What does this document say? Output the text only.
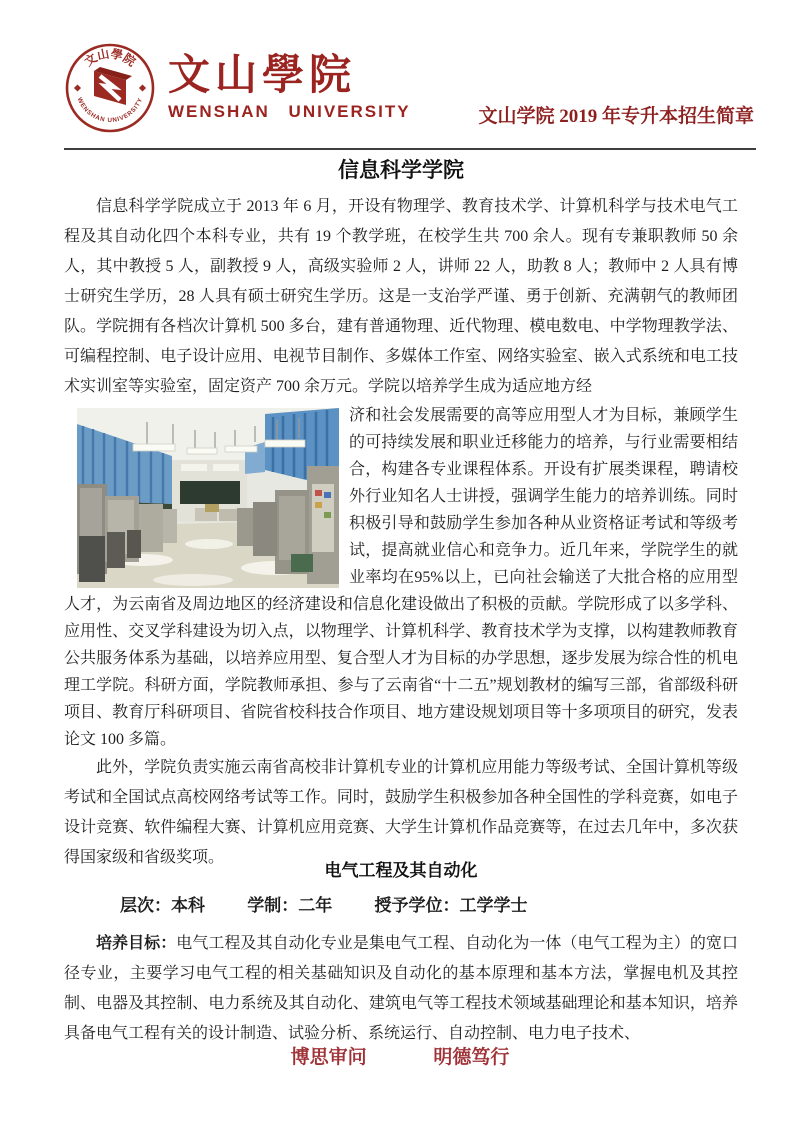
文山學院
WENSHAN UNIVERSITY
文山學院
WENSHAN UNIVERSITY	文山学院 2019 年专升本招生简章
信息科学学院

信息科学学院成立于 2013 年 6 月，开设有物理学、教育技术学、计算机科学与技术电气工程及其自动化四个本科专业，共有 19 个教学班，在校学生共 700 余人。现有专兼职教师 50 余人，其中教授 5 人，副教授 9 人，高级实验师 2 人，讲师 22 人，助教 8 人；教师中 2 人具有博士研究生学历，28 人具有硕士研究生学历。这是一支治学严谨、勇于创新、充满朝气的教师团队。学院拥有各档次计算机 500 多台，建有普通物理、近代物理、模电数电、中学物理教学法、可编程控制、电子设计应用、电视节目制作、多媒体工作室、网络实验室、嵌入式系统和电工技术实训室等实验室，固定资产 700 余万元。学院以培养学生成为适应地方经

济和社会发展需要的高等应用型人才为目标，兼顾学生的可持续发展和职业迁移能力的培养，与行业需要相结合，构建各专业课程体系。开设有扩展类课程，聘请校外行业知名人士讲授，强调学生能力的培养训练。同时积极引导和鼓励学生参加各种从业资格证考试和等级考试，提高就业信心和竞争力。近几年来，学院学生的就业率均在95%以上，已向社会输送了大批合格的应用型人才，为云南省及周边地区的经济建设和信息化建设做出了积极的贡献。学院形成了以多学科、应用性、交叉学科建设为切入点，以物理学、计算机科学、教育技术学为支撑，以构建教师教育公共服务体系为基础，以培养应用型、复合型人才为目标的办学思想，逐步发展为综合性的机电理工学院。科研方面，学院教师承担、参与了云南省“十二五”规划教材的编写三部，省部级科研项目、教育厅科研项目、省院省校科技合作项目、地方建设规划项目等十多项项目的研究，发表论文 100 多篇。

此外，学院负责实施云南省高校非计算机专业的计算机应用能力等级考试、全国计算机等级考试和全国试点高校网络考试等工作。同时，鼓励学生积极参加各种全国性的学科竞赛，如电子设计竞赛、软件编程大赛、计算机应用竞赛、大学生计算机作品竞赛等，在过去几年中，多次获得国家级和省级奖项。

电气工程及其自动化

层次：本科 学制：二年 授予学位：工学学士

培养目标：电气工程及其自动化专业是集电气工程、自动化为一体（电气工程为主）的宽口径专业，主要学习电气工程的相关基础知识及自动化的基本原理和基本方法，掌握电机及其控制、电器及其控制、电力系统及其自动化、建筑电气等工程技术领域基础理论和基本知识，培养具备电气工程有关的设计制造、试验分析、系统运行、自动控制、电力电子技术、

博思审问	明德笃行
